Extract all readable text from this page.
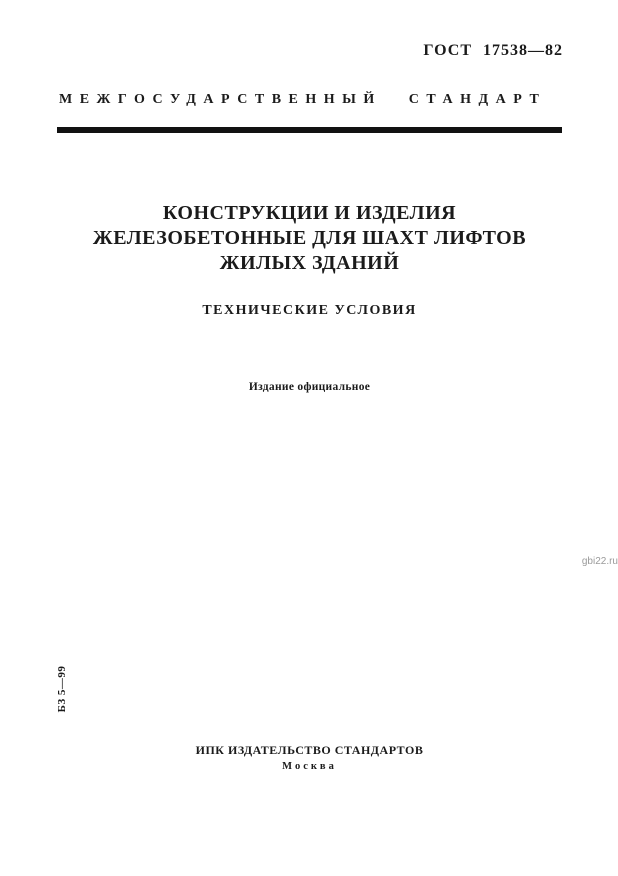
ГОСТ 17538—82
МЕЖГОСУДАРСТВЕННЫЙ СТАНДАРТ
КОНСТРУКЦИИ И ИЗДЕЛИЯ
ЖЕЛЕЗОБЕТОННЫЕ ДЛЯ ШАХТ ЛИФТОВ
ЖИЛЫХ ЗДАНИЙ
ТЕХНИЧЕСКИЕ УСЛОВИЯ
Издание официальное
gbi22.ru
БЗ 5—99
ИПК ИЗДАТЕЛЬСТВО СТАНДАРТОВ
Москва
